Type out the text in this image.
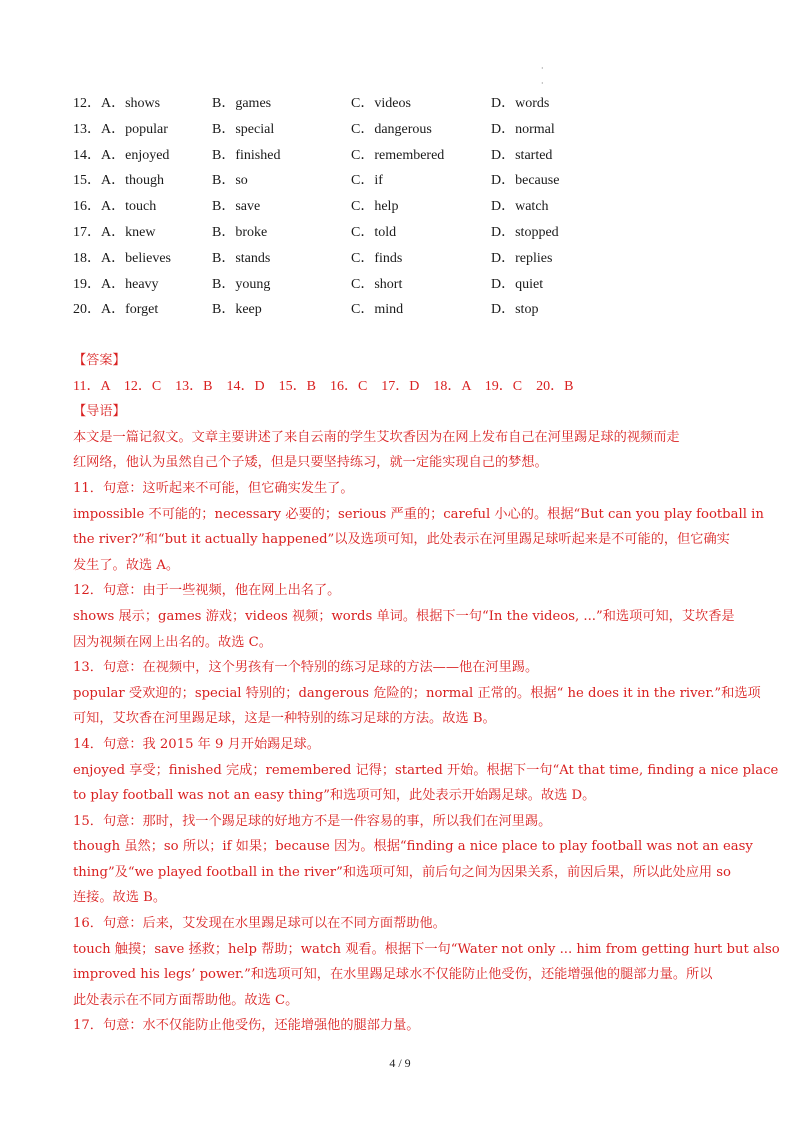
·
·
12．A．shows	B．games	C．videos	D．words
13．A．popular	B．special	C．dangerous	D．normal
14．A．enjoyed	B．finished	C．remembered	D．started
15．A．though	B．so	C．if	D．because
16．A．touch	B．save	C．help	D．watch
17．A．knew	B．broke	C．told	D．stopped
18．A．believes	B．stands	C．finds	D．replies
19．A．heavy	B．young	C．short	D．quiet
20．A．forget	B．keep	C．mind	D．stop
【答案】
11．A　12．C　13．B　14．D　15．B　16．C　17．D　18．A　19．C　20．B
【导语】
本文是一篇记叙文。文章主要讲述了来自云南的学生艾坎香因为在网上发布自己在河里踢足球的视频而走
红网络，他认为虽然自己个子矮，但是只要坚持练习，就一定能实现自己的梦想。
11．句意：这听起来不可能，但它确实发生了。
impossible 不可能的；necessary 必要的；serious 严重的；careful 小心的。根据“But can you play football in
the river?”和“but it actually happened”以及选项可知，此处表示在河里踢足球听起来是不可能的，但它确实
发生了。故选 A。
12．句意：由于一些视频，他在网上出名了。
shows 展示；games 游戏；videos 视频；words 单词。根据下一句“In the videos, ...”和选项可知，艾坎香是
因为视频在网上出名的。故选 C。
13．句意：在视频中，这个男孩有一个特别的练习足球的方法——他在河里踢。
popular 受欢迎的；special 特别的；dangerous 危险的；normal 正常的。根据“ he does it in the river.”和选项
可知，艾坎香在河里踢足球，这是一种特别的练习足球的方法。故选 B。
14．句意：我 2015 年 9 月开始踢足球。
enjoyed 享受；finished 完成；remembered 记得；started 开始。根据下一句“At that time, finding a nice place
to play football was not an easy thing”和选项可知，此处表示开始踢足球。故选 D。
15．句意：那时，找一个踢足球的好地方不是一件容易的事，所以我们在河里踢。
though 虽然；so 所以；if 如果；because 因为。根据“finding a nice place to play football was not an easy
thing”及“we played football in the river”和选项可知，前后句之间为因果关系，前因后果，所以此处应用 so
连接。故选 B。
16．句意：后来，艾发现在水里踢足球可以在不同方面帮助他。
touch 触摸；save 拯救；help 帮助；watch 观看。根据下一句“Water not only ... him from getting hurt but also
improved his legs’ power.”和选项可知，在水里踢足球水不仅能防止他受伤，还能增强他的腿部力量。所以
此处表示在不同方面帮助他。故选 C。
17．句意：水不仅能防止他受伤，还能增强他的腿部力量。
4 / 9
